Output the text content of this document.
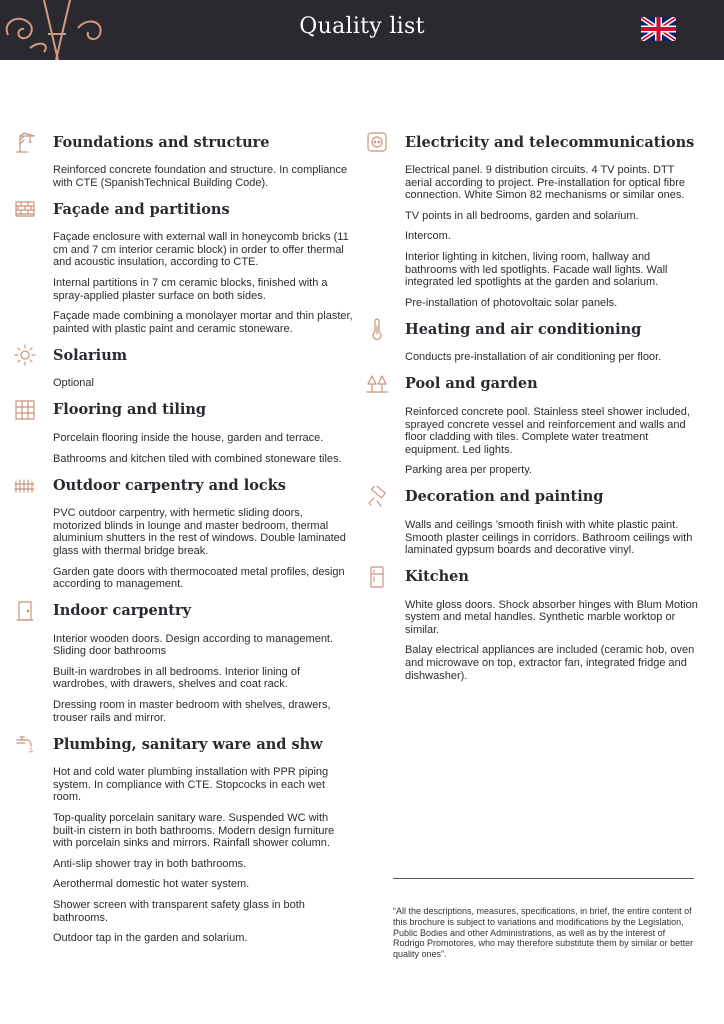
Quality list
Foundations and structure
Reinforced concrete foundation and structure. In compliance with CTE (SpanishTechnical Building Code).
Façade and partitions
Façade enclosure with external wall in honeycomb bricks (11 cm and 7 cm interior ceramic block) in order to offer thermal and acoustic insulation, according to CTE.
Internal partitions in 7 cm ceramic blocks, finished with a spray-applied plaster surface on both sides.
Façade made combining a monolayer mortar and thin plaster, painted with plastic paint and ceramic stoneware.
Solarium
Optional
Flooring and tiling
Porcelain flooring inside the house, garden and terrace.
Bathrooms and kitchen tiled with combined stoneware tiles.
Outdoor carpentry and locks
PVC outdoor carpentry, with hermetic sliding doors, motorized blinds in lounge and master bedroom, thermal aluminium shutters in the rest of windows. Double laminated glass with thermal bridge break.
Garden gate doors with thermocoated metal profiles, design according to management.
Indoor carpentry
Interior wooden doors. Design according to management. Sliding door bathrooms
Built-in wardrobes in all bedrooms. Interior lining of wardrobes, with drawers, shelves and coat rack.
Dressing room in master bedroom with shelves, drawers, trouser rails and mirror.
Plumbing, sanitary ware and shw
Hot and cold water plumbing installation with PPR piping system. In compliance with CTE. Stopcocks in each wet room.
Top-quality porcelain sanitary ware. Suspended WC with built-in cistern in both bathrooms. Modern design furniture with porcelain sinks and mirrors. Rainfall shower column.
Anti-slip shower tray in both bathrooms.
Aerothermal domestic hot water system.
Shower screen with transparent safety glass in both bathrooms.
Outdoor tap in the garden and solarium.
Electricity and telecommunications
Electrical panel. 9 distribution circuits. 4 TV points. DTT aerial according to project. Pre-installation for optical fibre connection. White Simon 82 mechanisms or similar ones.
TV points in all bedrooms, garden and solarium.
Intercom.
Interior lighting in kitchen, living room, hallway and bathrooms with led spotlights. Facade wall lights. Wall integrated led spotlights at the garden and solarium.
Pre-installation of photovoltaic solar panels.
Heating and air conditioning
Conducts pre-installation of air conditioning per floor.
Pool and garden
Reinforced concrete pool. Stainless steel shower included, sprayed concrete vessel and reinforcement and walls and floor cladding with tiles. Complete water treatment equipment. Led lights.
Parking area per property.
Decoration and painting
Walls and ceilings ’smooth finish with white plastic paint. Smooth plaster ceilings in corridors. Bathroom ceilings with laminated gypsum boards and decorative vinyl.
Kitchen
White gloss doors. Shock absorber hinges with Blum Motion system and metal handles. Synthetic marble worktop or similar.
Balay electrical appliances are included (ceramic hob, oven and microwave on top, extractor fan, integrated fridge and dishwasher).
“All the descriptions, measures, specifications, in brief, the entire content of this brochure is subject to variations and modifications by the Legislation, Public Bodies and other Administrations, as well as by the interest of Rodrigo Promotores, who may therefore substitute them by similar or better quality ones”.
